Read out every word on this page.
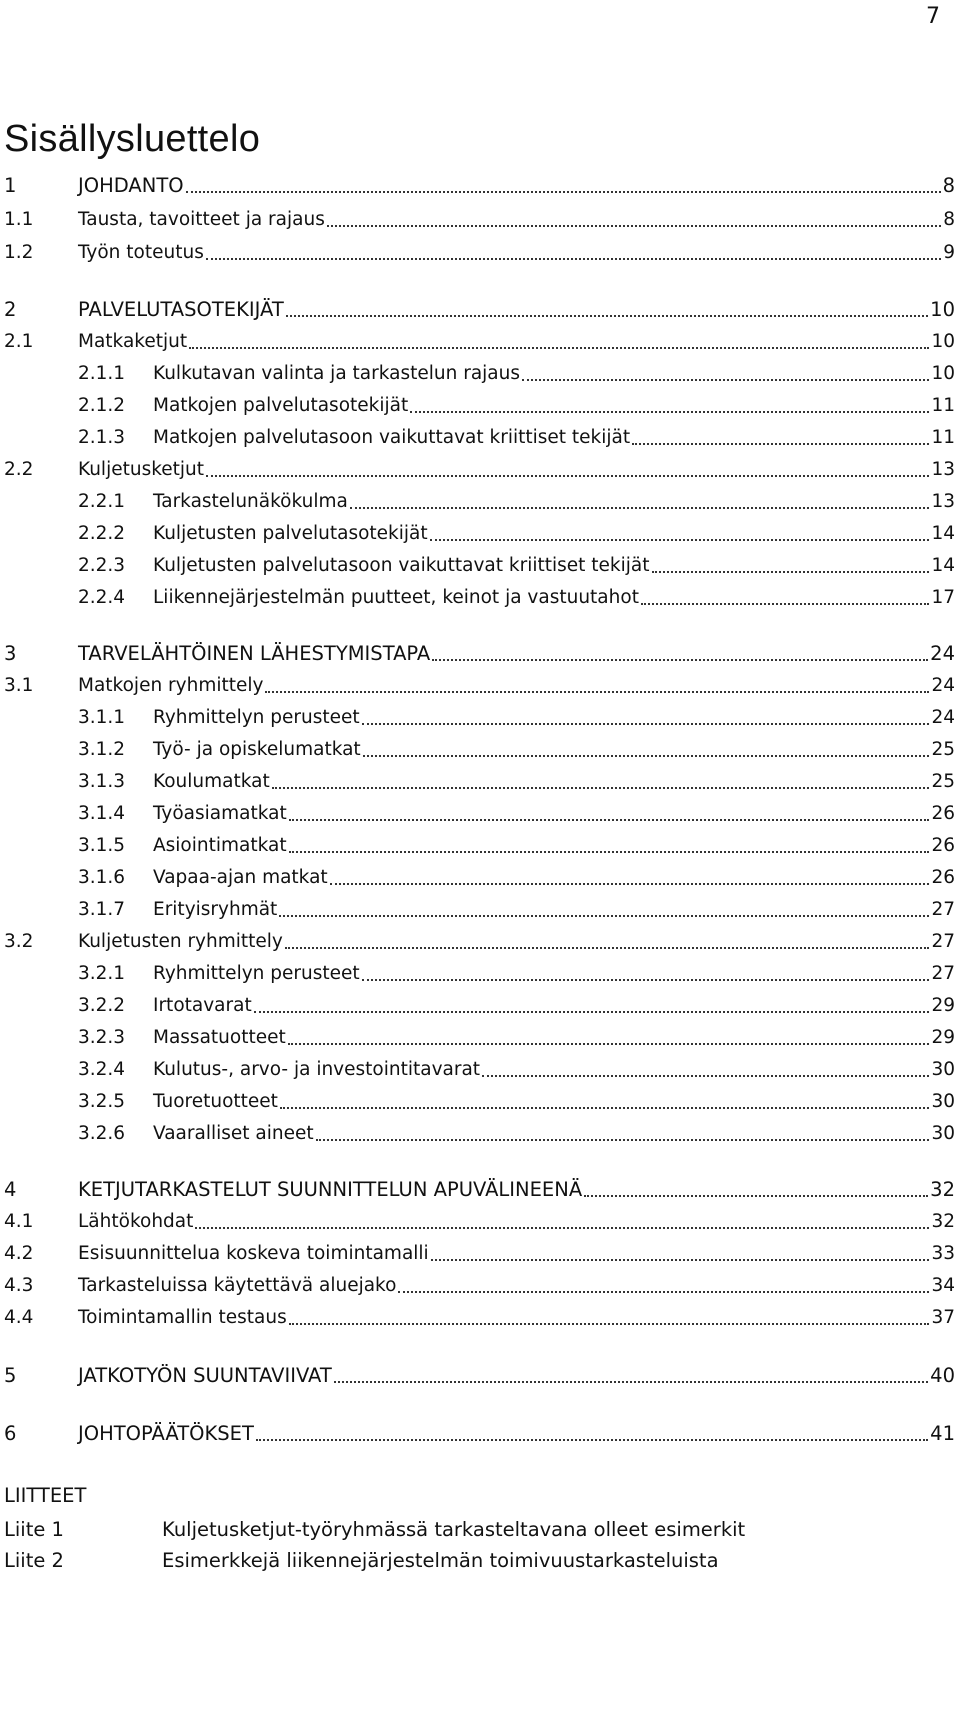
7
Sisällysluettelo
1	JOHDANTO	8
1.1	Tausta, tavoitteet ja rajaus	8
1.2	Työn toteutus	9
2	PALVELUTASOTEKIJÄT	10
2.1	Matkaketjut	10
2.1.1	Kulkutavan valinta ja tarkastelun rajaus	10
2.1.2	Matkojen palvelutasotekijät	11
2.1.3	Matkojen palvelutasoon vaikuttavat kriittiset tekijät	11
2.2	Kuljetusketjut	13
2.2.1	Tarkastelunäkökulma	13
2.2.2	Kuljetusten palvelutasotekijät	14
2.2.3	Kuljetusten palvelutasoon vaikuttavat kriittiset tekijät	14
2.2.4	Liikennejärjestelmän puutteet, keinot ja vastuutahot	17
3	TARVELÄHTÖINEN LÄHESTYMISTAPA	24
3.1	Matkojen ryhmittely	24
3.1.1	Ryhmittelyn perusteet	24
3.1.2	Työ- ja opiskelumatkat	25
3.1.3	Koulumatkat	25
3.1.4	Työasiamatkat	26
3.1.5	Asiointimatkat	26
3.1.6	Vapaa-ajan matkat	26
3.1.7	Erityisryhmät	27
3.2	Kuljetusten ryhmittely	27
3.2.1	Ryhmittelyn perusteet	27
3.2.2	Irtotavarat	29
3.2.3	Massatuotteet	29
3.2.4	Kulutus-, arvo- ja investointitavarat	30
3.2.5	Tuoretuotteet	30
3.2.6	Vaaralliset aineet	30
4	KETJUTARKASTELUT SUUNNITTELUN APUVÄLINEENÄ	32
4.1	Lähtökohdat	32
4.2	Esisuunnittelua koskeva toimintamalli	33
4.3	Tarkasteluissa käytettävä aluejako	34
4.4	Toimintamallin testaus	37
5	JATKOTYÖN SUUNTAVIIVAT	40
6	JOHTOPÄÄTÖKSET	41
LIITTEET
Liite 1	Kuljetusketjut-työryhmässä tarkasteltavana olleet esimerkit
Liite 2	Esimerkkejä liikennejärjestelmän toimivuustarkasteluista
